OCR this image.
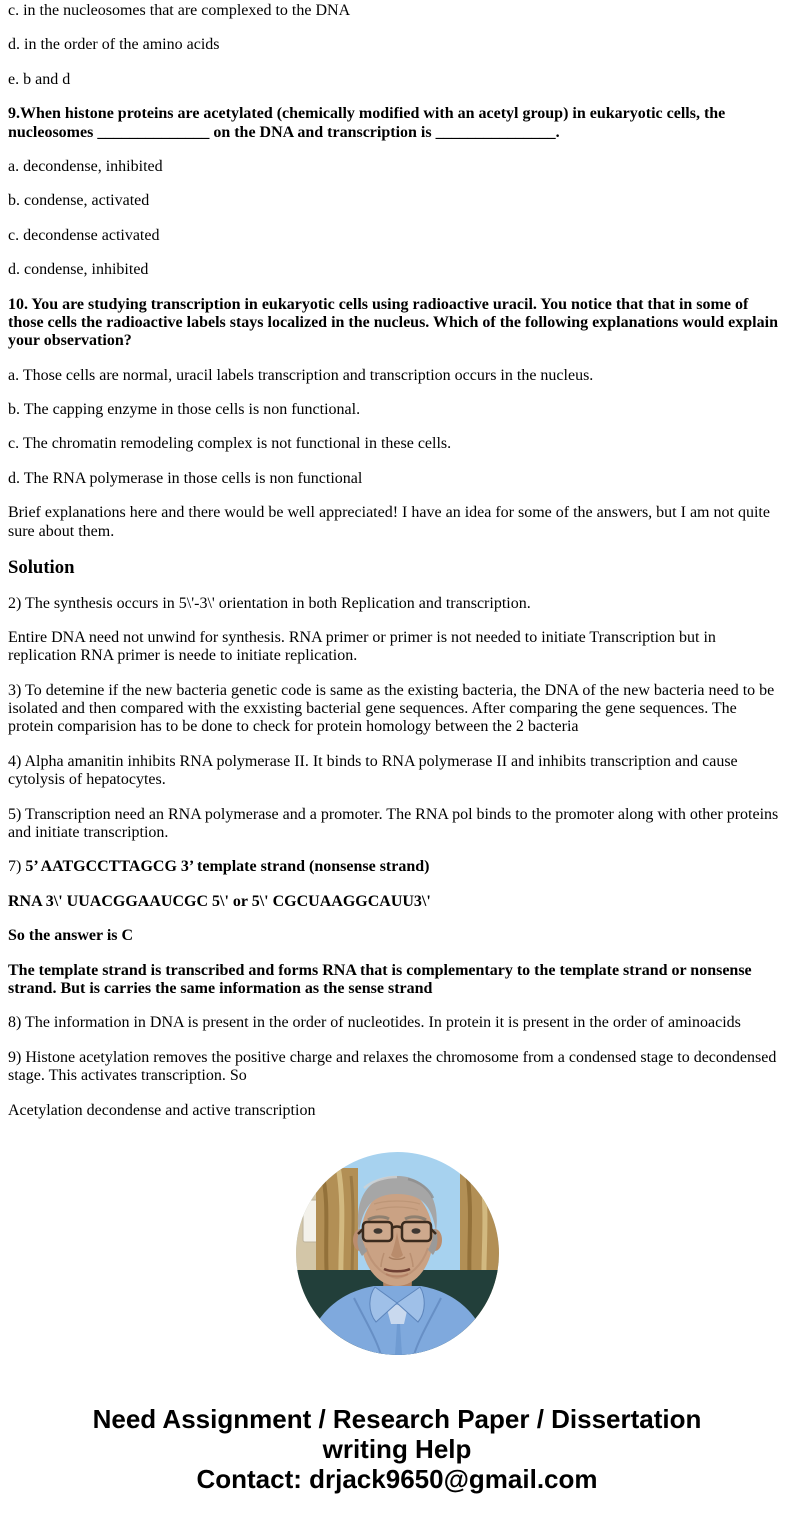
c. in the nucleosomes that are complexed to the DNA

d. in the order of the amino acids

e. b and d

9.When histone proteins are acetylated (chemically modified with an acetyl group) in eukaryotic cells, the nucleosomes ______________ on the DNA and transcription is _______________.

a. decondense, inhibited

b. condense, activated

c. decondense activated

d. condense, inhibited

10. You are studying transcription in eukaryotic cells using radioactive uracil. You notice that that in some of those cells the radioactive labels stays localized in the nucleus. Which of the following explanations would explain your observation?

a. Those cells are normal, uracil labels transcription and transcription occurs in the nucleus.

b. The capping enzyme in those cells is non functional.

c. The chromatin remodeling complex is not functional in these cells.

d. The RNA polymerase in those cells is non functional

Brief explanations here and there would be well appreciated! I have an idea for some of the answers, but I am not quite sure about them.

Solution

2) The synthesis occurs in 5\'-3\' orientation in both Replication and transcription.

Entire DNA need not unwind for synthesis. RNA primer or primer is not needed to initiate Transcription but in replication RNA primer is neede to initiate replication.

3) To detemine if the new bacteria genetic code is same as the existing bacteria, the DNA of the new bacteria need to be isolated and then compared with the exxisting bacterial gene sequences. After comparing the gene sequences. The protein comparision has to be done to check for protein homology between the 2 bacteria

4) Alpha amanitin inhibits RNA polymerase II. It binds to RNA polymerase II and inhibits transcription and cause cytolysis of hepatocytes.

5) Transcription need an RNA polymerase and a promoter. The RNA pol binds to the promoter along with other proteins and initiate transcription.

7) 5’ AATGCCTTAGCG 3’ template strand (nonsense strand)

RNA 3\' UUACGGAAUCGC 5\' or 5\' CGCUAAGGCAUU3\'

So the answer is C

The template strand is transcribed and forms RNA that is complementary to the template strand or nonsense strand. But is carries the same information as the sense strand

8) The information in DNA is present in the order of nucleotides. In protein it is present in the order of aminoacids

9) Histone acetylation removes the positive charge and relaxes the chromosome from a condensed stage to decondensed stage. This activates transcription. So

Acetylation decondense and active transcription

Need Assignment / Research Paper / Dissertation
writing Help
Contact: drjack9650@gmail.com
